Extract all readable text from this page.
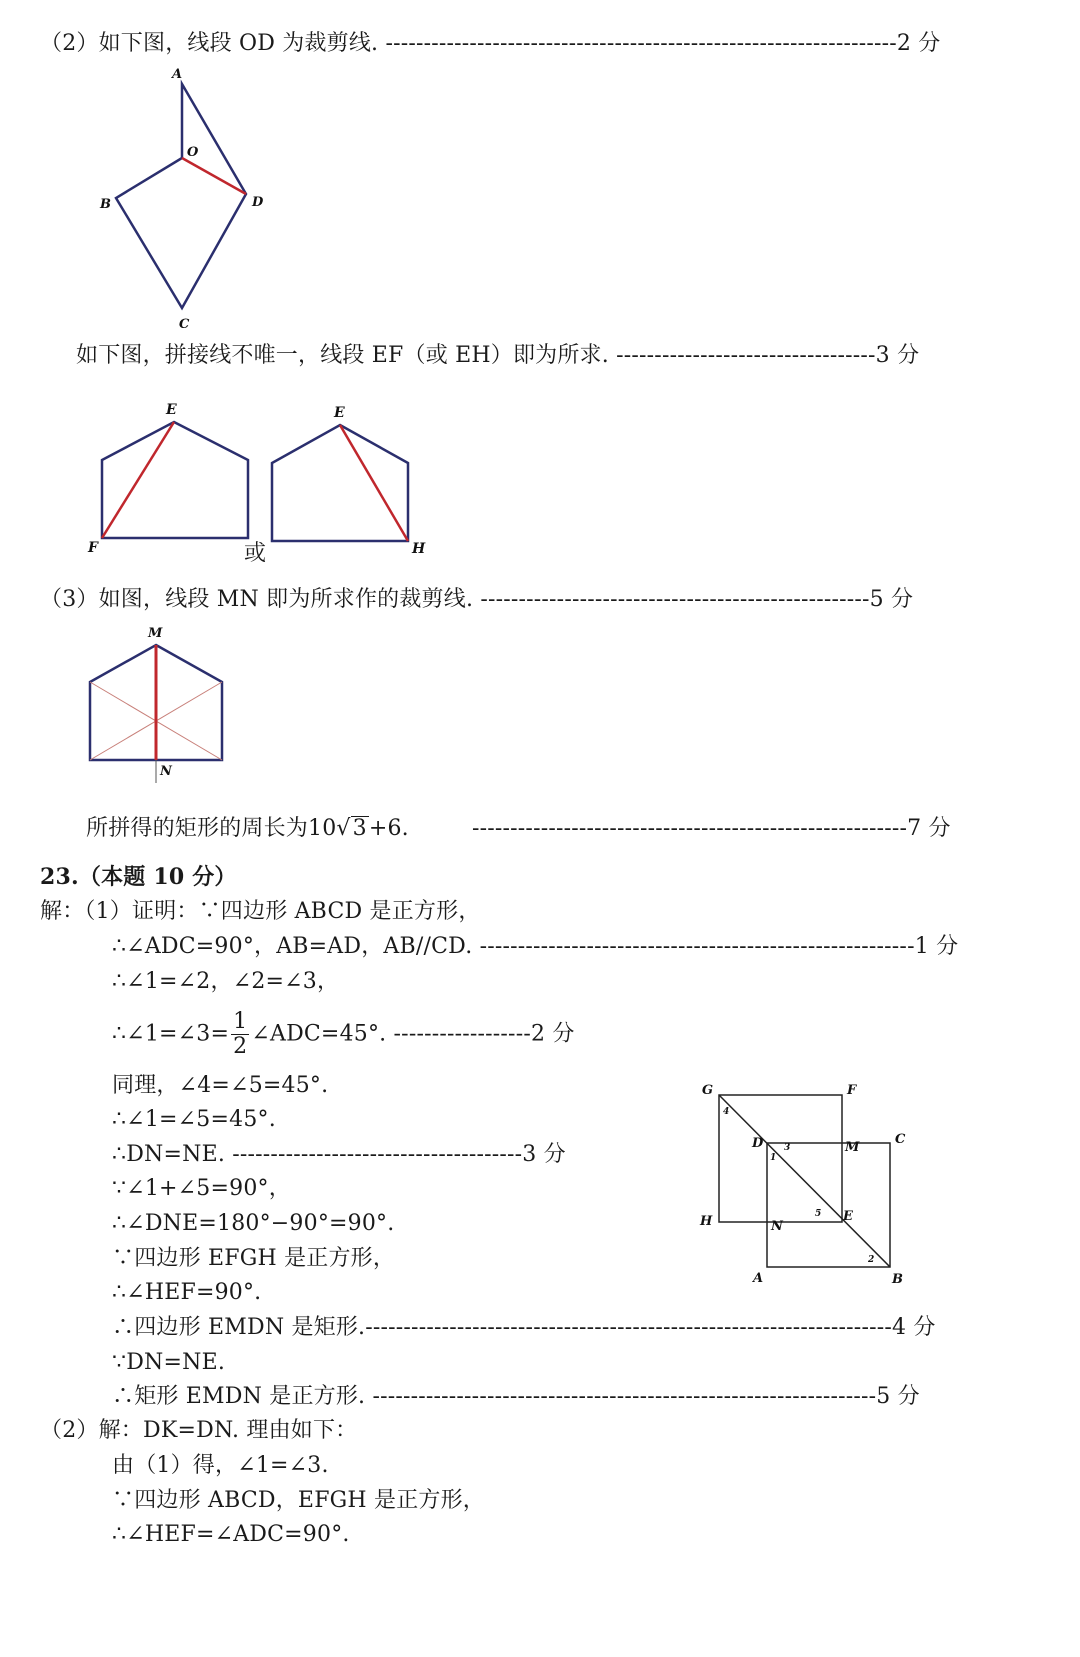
（2）如下图，线段 OD 为裁剪线. -------------------------------------------------------------------2 分
A
O
B	D
C
如下图，拼接线不唯一，线段 EF（或 EH）即为所求. ----------------------------------3 分
E
F	或
E
H
（3）如图，线段 MN 即为所求作的裁剪线. ---------------------------------------------------5 分
M
N
所拼得的矩形的周长为10√3+6.	---------------------------------------------------------7 分
23.（本题 10 分）
解：（1）证明：∵四边形 ABCD 是正方形，
∴∠ADC=90°，AB=AD，AB//CD. ---------------------------------------------------------1 分
∴∠1=∠2，∠2=∠3，
∴∠1=∠3= $\frac{1}{2}$ ∠ADC=45°. ------------------2 分
同理，∠4=∠5=45°.
∴∠1=∠5=45°.
∴DN=NE. --------------------------------------3 分
∵∠1+∠5=90°，
∴∠DNE=180°−90°=90°.
∵四边形 EFGH 是正方形，
∴∠HEF=90°.
∴四边形 EMDN 是矩形.---------------------------------------------------------------------4 分
∵DN=NE.
∴矩形 EMDN 是正方形. ------------------------------------------------------------------5 分
（2）解：DK=DN. 理由如下：
由（1）得，∠1=∠3.
∵四边形 ABCD，EFGH 是正方形，
∴∠HEF=∠ADC=90°.
G	F
4
D 3	M
C
1
5 E
H	N
2
A	B
